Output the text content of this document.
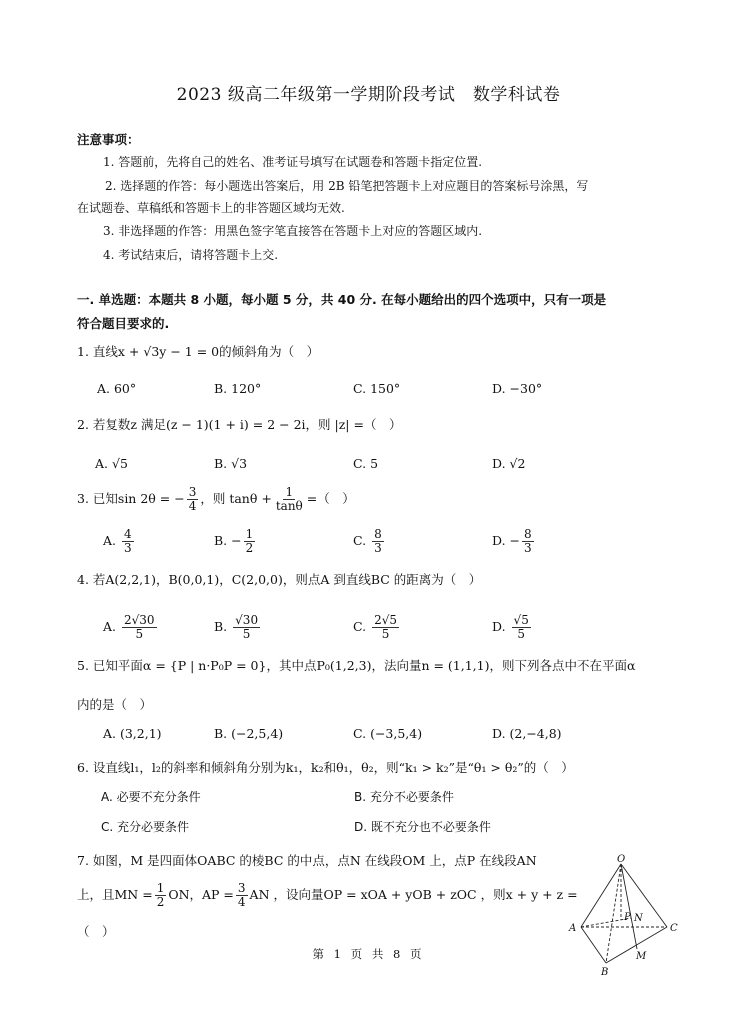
2023 级高二年级第一学期阶段考试　数学科试卷
注意事项：
1. 答题前，先将自己的姓名、准考证号填写在试题卷和答题卡指定位置.
2. 选择题的作答：每小题选出答案后，用 2B 铅笔把答题卡上对应题目的答案标号涂黑，写
在试题卷、草稿纸和答题卡上的非答题区域均无效.
3. 非选择题的作答：用黑色签字笔直接答在答题卡上对应的答题区域内.
4. 考试结束后，请将答题卡上交.
一. 单选题：本题共 8 小题，每小题 5 分，共 40 分. 在每小题给出的四个选项中，只有一项是
符合题目要求的.
1. 直线x + √3y − 1 = 0的倾斜角为（　）
A. 60°	B. 120°	C. 150°	D. −30°
2. 若复数z 满足(z − 1)(1 + i) = 2 − 2i，则 |z| =（　）
A. √5	B. √3	C. 5	D. √2
3. 已知sin 2θ = − $\frac{3}{4}$ ，则 $\tan\theta + \frac{1}{\tan\theta}$ =（　）
A. $\frac{4}{3}$	B. − $\frac{1}{2}$	C. $\frac{8}{3}$	D. − $\frac{8}{3}$
4. 若A(2,2,1)，B(0,0,1)，C(2,0,0)，则点A 到直线BC 的距离为（　）
A. $\frac{2√30}{5}$	B. $\frac{√30}{5}$	C. $\frac{2√5}{5}$	D. $\frac{√5}{5}$
5. 已知平面α = {P | n·P₀P = 0}，其中点P₀(1,2,3)，法向量n = (1,1,1)，则下列各点中不在平面α
内的是（　）
A. (3,2,1)	B. (−2,5,4)	C. (−3,5,4)	D. (2,−4,8)
6. 设直线l₁，l₂的斜率和倾斜角分别为k₁，k₂和θ₁，θ₂，则“k₁ > k₂”是“θ₁ > θ₂”的（　）
A. 必要不充分条件	B. 充分不必要条件
C. 充分必要条件	D. 既不充分也不必要条件
7. 如图，M 是四面体OABC 的棱BC 的中点，点N 在线段OM 上，点P 在线段AN
上，且MN = $\frac{1}{2}$ ON，AP = $\frac{3}{4}$ AN ，设向量OP = xOA + yOB + zOC ，则x + y + z =
（　）
O
A
B
C
M
N
P
第 1 页 共 8 页
